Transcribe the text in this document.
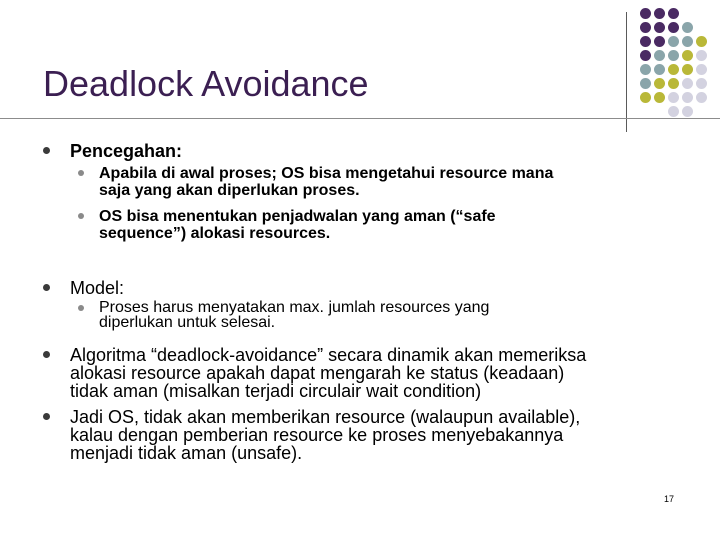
Deadlock Avoidance
Pencegahan:
Apabila di awal proses; OS bisa mengetahui resource mana
saja yang akan diperlukan proses.
OS bisa menentukan penjadwalan yang aman (“safe
sequence”) alokasi resources.
Model:
Proses harus menyatakan max. jumlah resources yang
diperlukan untuk selesai.
Algoritma “deadlock-avoidance” secara dinamik akan memeriksa
alokasi resource apakah dapat mengarah ke status (keadaan)
tidak aman (misalkan terjadi circulair wait condition)
Jadi OS, tidak akan memberikan resource (walaupun available),
kalau dengan pemberian resource ke proses menyebakannya
menjadi tidak aman (unsafe).
17
